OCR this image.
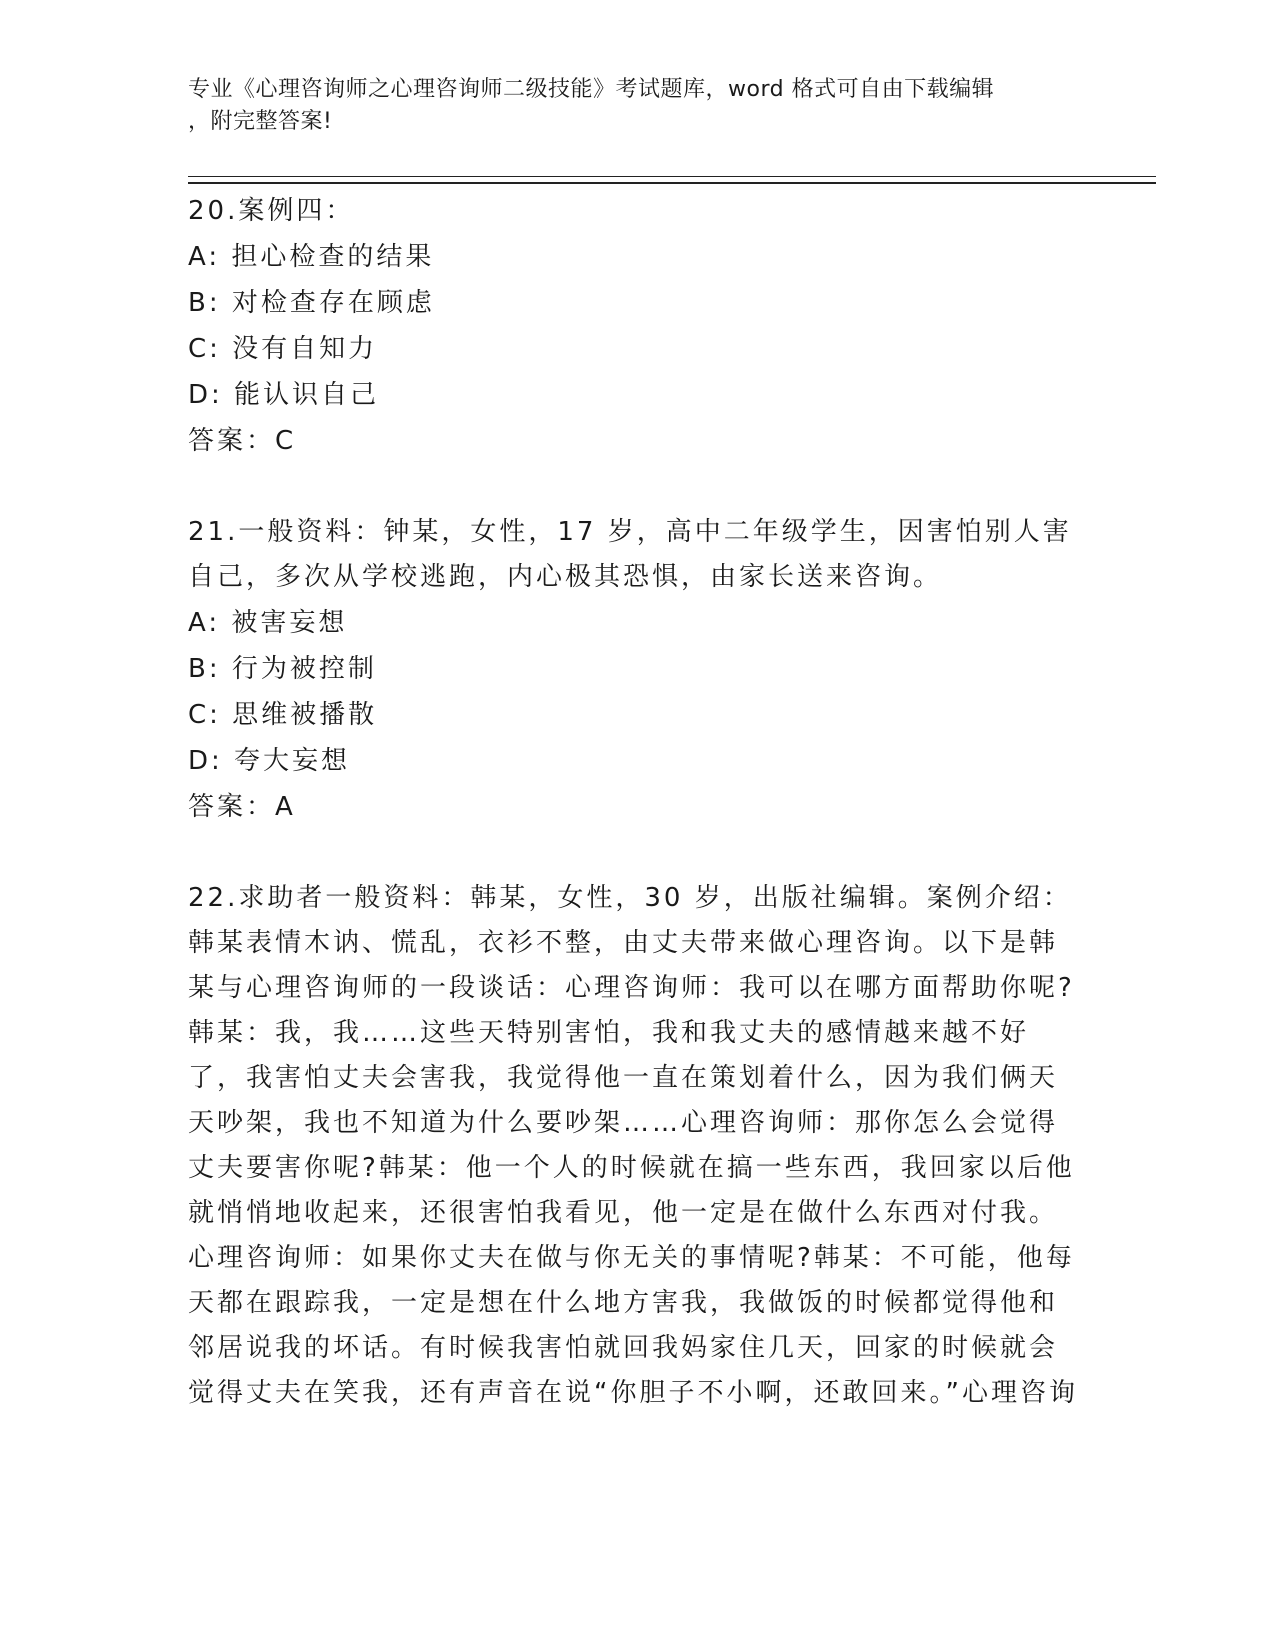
专业《心理咨询师之心理咨询师二级技能》考试题库，word 格式可自由下载编辑
，附完整答案!

20.案例四：

A: 担心检查的结果

B: 对检查存在顾虑

C: 没有自知力

D: 能认识自己

答案：C

21.一般资料：钟某，女性，17 岁，高中二年级学生，因害怕别人害自己，多次从学校逃跑，内心极其恐惧，由家长送来咨询。

A: 被害妄想

B: 行为被控制

C: 思维被播散

D: 夸大妄想

答案：A

22.求助者一般资料：韩某，女性，30 岁，出版社编辑。案例介绍：韩某表情木讷、慌乱，衣衫不整，由丈夫带来做心理咨询。以下是韩某与心理咨询师的一段谈话：心理咨询师：我可以在哪方面帮助你呢?韩某：我，我……这些天特别害怕，我和我丈夫的感情越来越不好了，我害怕丈夫会害我，我觉得他一直在策划着什么，因为我们俩天天吵架，我也不知道为什么要吵架……心理咨询师：那你怎么会觉得丈夫要害你呢?韩某：他一个人的时候就在搞一些东西，我回家以后他就悄悄地收起来，还很害怕我看见，他一定是在做什么东西对付我。心理咨询师：如果你丈夫在做与你无关的事情呢?韩某：不可能，他每天都在跟踪我，一定是想在什么地方害我，我做饭的时候都觉得他和邻居说我的坏话。有时候我害怕就回我妈家住几天，回家的时候就会觉得丈夫在笑我，还有声音在说“你胆子不小啊，还敢回来。”心理咨询
